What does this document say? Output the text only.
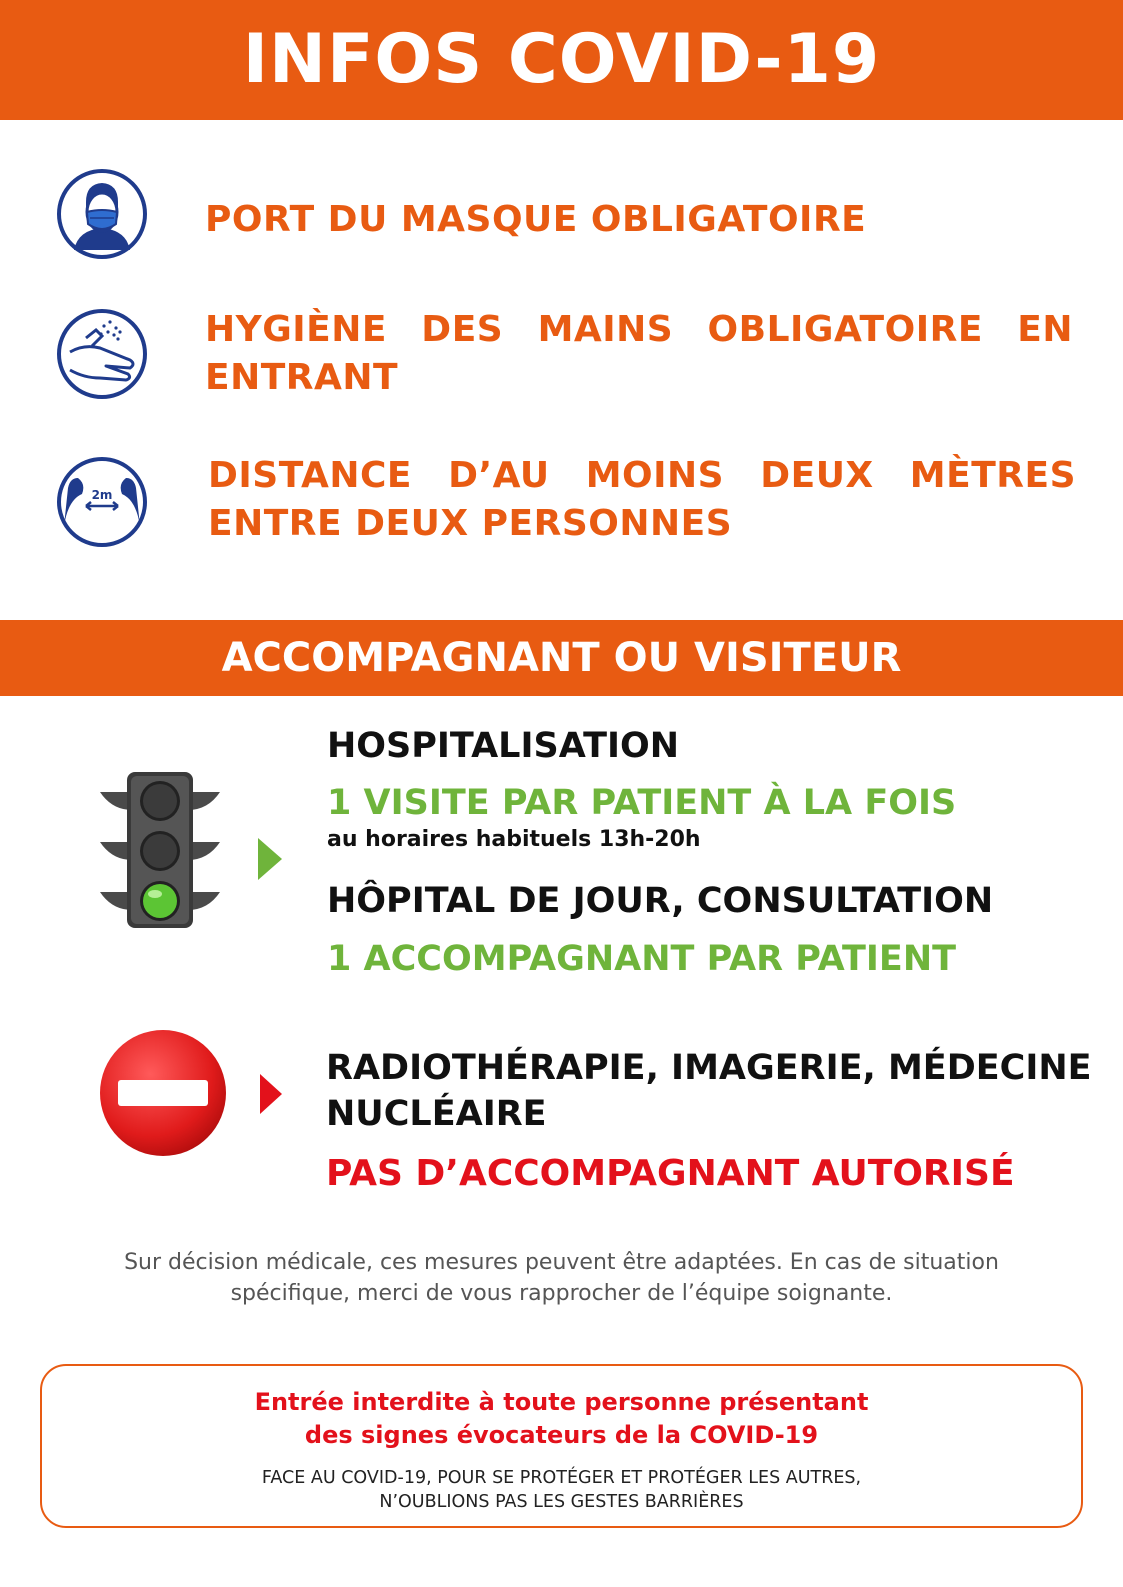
INFOS COVID-19
PORT DU MASQUE OBLIGATOIRE
HYGIÈNE DES MAINS OBLIGATOIRE EN ENTRANT
2m	DISTANCE D’AU MOINS DEUX MÈTRES ENTRE DEUX PERSONNES
ACCOMPAGNANT OU VISITEUR
HOSPITALISATION
1 VISITE PAR PATIENT À LA FOIS
au horaires habituels 13h-20h
HÔPITAL DE JOUR, CONSULTATION
1 ACCOMPAGNANT PAR PATIENT
RADIOTHÉRAPIE, IMAGERIE, MÉDECINE
NUCLÉAIRE
PAS D’ACCOMPAGNANT AUTORISÉ
Sur décision médicale, ces mesures peuvent être adaptées. En cas de situation
spécifique, merci de vous rapprocher de l’équipe soignante.
Entrée interdite à toute personne présentant
des signes évocateurs de la COVID-19
FACE AU COVID-19, POUR SE PROTÉGER ET PROTÉGER LES AUTRES,
N’OUBLIONS PAS LES GESTES BARRIÈRES
